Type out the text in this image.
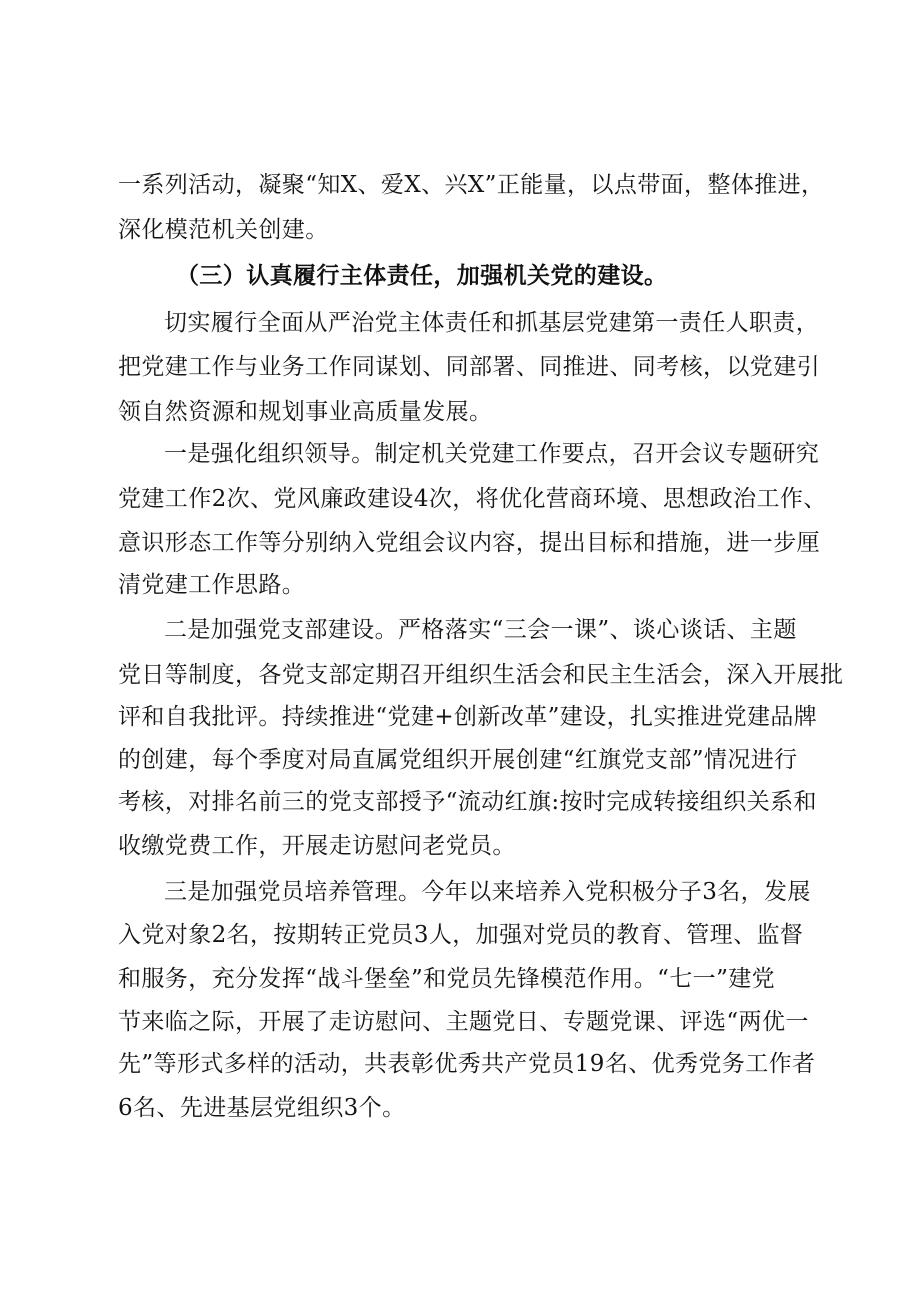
一系列活动，凝聚“知X、爱X、兴X”正能量，以点带面，整体推进，
深化模范机关创建。
（三）认真履行主体责任，加强机关党的建设。
切实履行全面从严治党主体责任和抓基层党建第一责任人职责，
把党建工作与业务工作同谋划、同部署、同推进、同考核，以党建引
领自然资源和规划事业高质量发展。
一是强化组织领导。制定机关党建工作要点，召开会议专题研究
党建工作2次、党风廉政建设4次，将优化营商环境、思想政治工作、
意识形态工作等分别纳入党组会议内容，提出目标和措施，进一步厘
清党建工作思路。
二是加强党支部建设。严格落实“三会一课”、谈心谈话、主题
党日等制度，各党支部定期召开组织生活会和民主生活会，深入开展批
评和自我批评。持续推进“党建+创新改革”建设，扎实推进党建品牌
的创建，每个季度对局直属党组织开展创建“红旗党支部”情况进行
考核，对排名前三的党支部授予“流动红旗:按时完成转接组织关系和
收缴党费工作，开展走访慰问老党员。
三是加强党员培养管理。今年以来培养入党积极分子3名，发展
入党对象2名，按期转正党员3人，加强对党员的教育、管理、监督
和服务，充分发挥“战斗堡垒”和党员先锋模范作用。“七一”建党
节来临之际，开展了走访慰问、主题党日、专题党课、评选“两优一
先”等形式多样的活动，共表彰优秀共产党员19名、优秀党务工作者
6名、先进基层党组织3个。
